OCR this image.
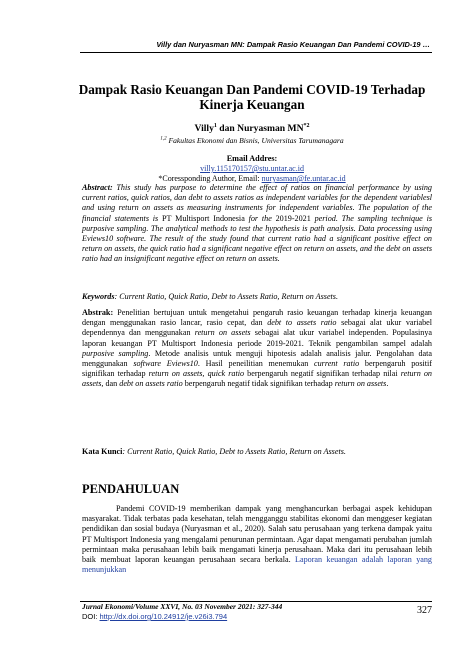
Villy dan Nuryasman MN: Dampak Rasio Keuangan Dan Pandemi COVID-19 …
Dampak Rasio Keuangan Dan Pandemi COVID-19 Terhadap
Kinerja Keuangan
Villy$^1$ dan Nuryasman MN$^{*2}$
$^{1,2}$ Fakultas Ekonomi dan Bisnis, Universitas Tarumanagara
Email Addres:
villy.115170157@stu.untar.ac.id
*Coressponding Author, Email: nuryasman@fe.untar.ac.id
Abstract: This study has purpose to determine the effect of ratios on financial performance by using current ratios, quick ratios, dan debt to assets ratios as independent variables for the dependent variablesl and using return on assets as measuring instruments for independent variables. The population of the financial statements is PT Multisport Indonesia for the 2019-2021 period. The sampling technique is purposive sampling. The analytical methods to test the hypothesis is path analysis. Data processing using Eviews10 software. The result of the study found that current ratio had a significant positive effect on return on assets, the quick ratio had a significant negative effect on return on assets, and the debt on assets ratio had an insignificant negative effect on return on assets.
Keywords: Current Ratio, Quick Ratio, Debt to Assets Ratio, Return on Assets.
Abstrak: Penelitian bertujuan untuk mengetahui pengaruh rasio keuangan terhadap kinerja keuangan dengan menggunakan rasio lancar, rasio cepat, dan debt to assets ratio sebagai alat ukur variabel dependennya dan menggunakan return on assets sebagai alat ukur variabel independen. Populasinya laporan keuangan PT Multisport Indonesia periode 2019-2021. Teknik pengambilan sampel adalah purposive sampling. Metode analisis untuk menguji hipotesis adalah analisis jalur. Pengolahan data menggunakan software Eviews10. Hasil peneilitian menemukan current ratio berpengaruh positif signifikan terhadap return on assets, quick ratio berpengaruh negatif signifikan terhadap nilai return on assets, dan debt on assets ratio berpengaruh negatif tidak signifikan terhadap return on assets.
Kata Kunci: Current Ratio, Quick Ratio, Debt to Assets Ratio, Return on Assets.
PENDAHULUAN
Pandemi COVID-19 memberikan dampak yang menghancurkan berbagai aspek kehidupan masyarakat. Tidak terbatas pada kesehatan, telah mengganggu stabilitas ekonomi dan menggeser kegiatan pendidikan dan sosial budaya (Nuryasman et al., 2020). Salah satu perusahaan yang terkena dampak yaitu PT Multisport Indonesia yang mengalami penurunan permintaan. Agar dapat mengamati perubahan jumlah permintaan maka perusahaan lebih baik mengamati kinerja perusahaan. Maka dari itu perusahaan lebih baik membuat laporan keuangan perusahaan secara berkala. Laporan keuangan adalah laporan yang menunjukkan
Jurnal Ekonomi/Volume XXVI, No. 03 November 2021: 327-344
DOI: http://dx.doi.org/10.24912/je.v26i3.794
327
